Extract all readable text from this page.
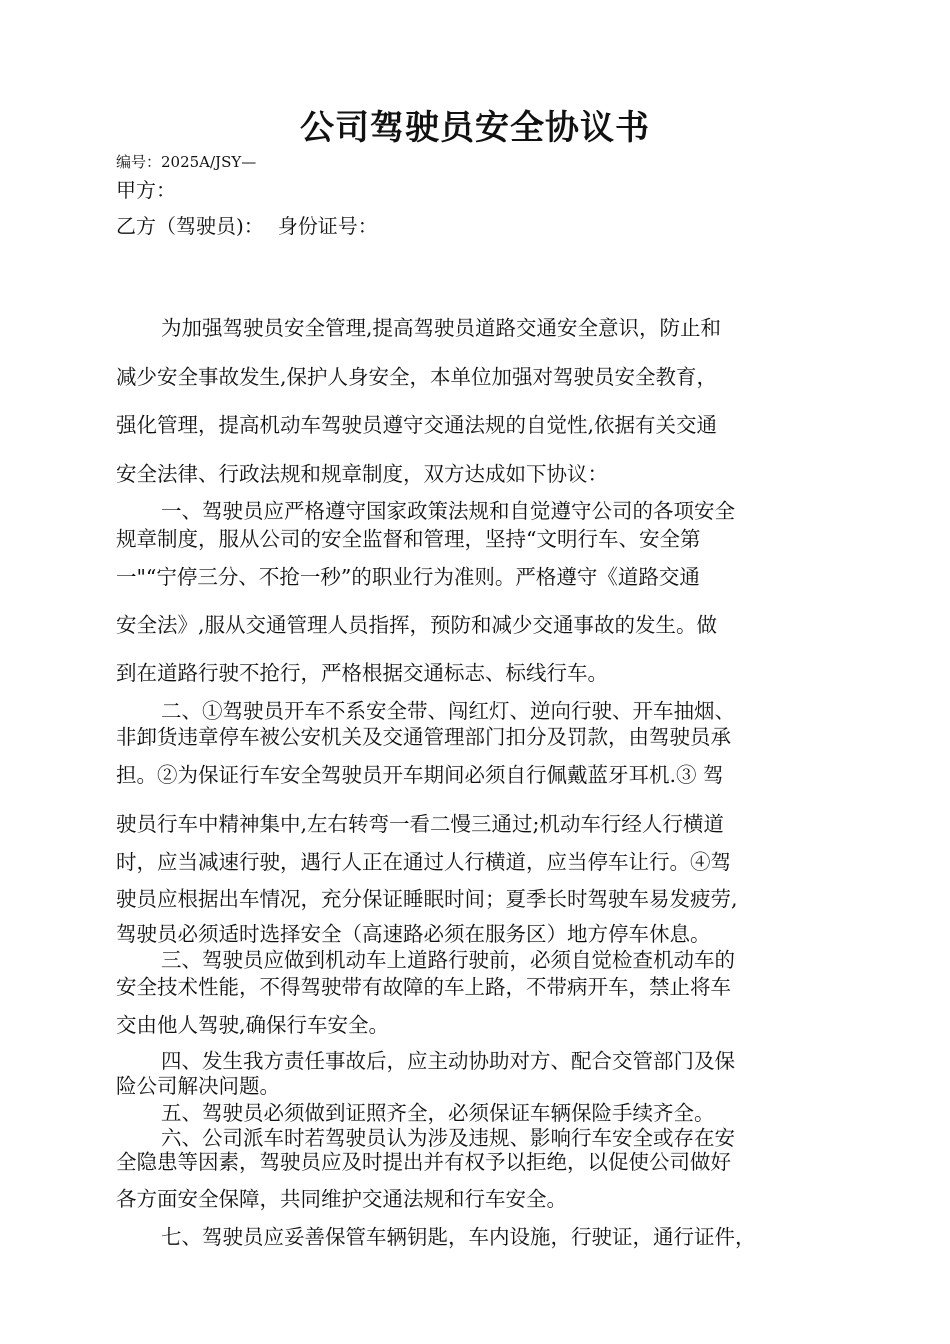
公司驾驶员安全协议书
编号：2025A/JSY—
甲方：
乙方（驾驶员)： 身份证号：

为加强驾驶员安全管理,提高驾驶员道路交通安全意识，防止和

减少安全事故发生,保护人身安全，本单位加强对驾驶员安全教育，

强化管理，提高机动车驾驶员遵守交通法规的自觉性,依据有关交通

安全法律、行政法规和规章制度，双方达成如下协议：

一、驾驶员应严格遵守国家政策法规和自觉遵守公司的各项安全

规章制度，服从公司的安全监督和管理，坚持“文明行车、安全第

一"“宁停三分、不抢一秒”的职业行为准则。严格遵守《道路交通

安全法》,服从交通管理人员指挥，预防和减少交通事故的发生。做

到在道路行驶不抢行，严格根据交通标志、标线行车。

二、①驾驶员开车不系安全带、闯红灯、逆向行驶、开车抽烟、

非卸货违章停车被公安机关及交通管理部门扣分及罚款，由驾驶员承

担。②为保证行车安全驾驶员开车期间必须自行佩戴蓝牙耳机.③ 驾

驶员行车中精神集中,左右转弯一看二慢三通过;机动车行经人行横道

时，应当减速行驶，遇行人正在通过人行横道，应当停车让行。④驾

驶员应根据出车情况，充分保证睡眠时间；夏季长时驾驶车易发疲劳,

驾驶员必须适时选择安全（高速路必须在服务区）地方停车休息。

三、驾驶员应做到机动车上道路行驶前，必须自觉检查机动车的

安全技术性能，不得驾驶带有故障的车上路，不带病开车，禁止将车

交由他人驾驶,确保行车安全。

四、发生我方责任事故后，应主动协助对方、配合交管部门及保

险公司解决问题。

五、驾驶员必须做到证照齐全，必须保证车辆保险手续齐全。

六、公司派车时若驾驶员认为涉及违规、影响行车安全或存在安

全隐患等因素，驾驶员应及时提出并有权予以拒绝，以促使公司做好

各方面安全保障，共同维护交通法规和行车安全。

七、驾驶员应妥善保管车辆钥匙，车内设施，行驶证，通行证件，
